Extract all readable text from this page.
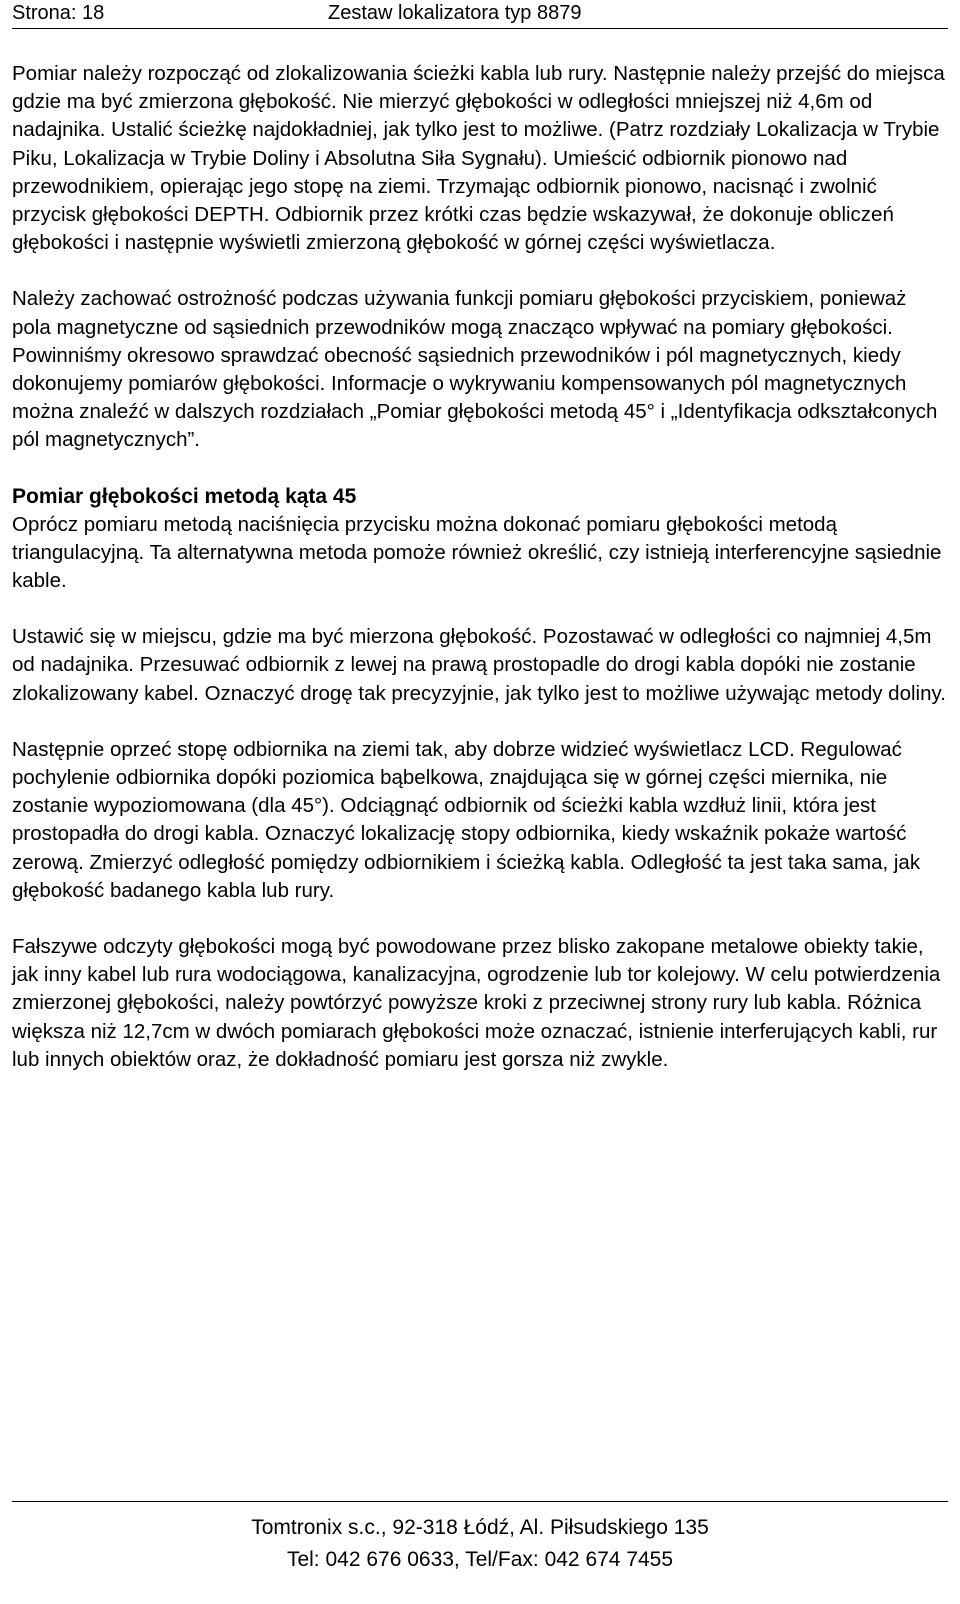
Strona: 18	Zestaw lokalizatora typ 8879

Pomiar należy rozpocząć od zlokalizowania ścieżki kabla lub rury. Następnie należy przejść do miejsca gdzie ma być zmierzona głębokość. Nie mierzyć głębokości w odległości mniejszej niż 4,6m od nadajnika. Ustalić ścieżkę najdokładniej, jak tylko jest to możliwe. (Patrz rozdziały Lokalizacja w Trybie Piku, Lokalizacja w Trybie Doliny i Absolutna Siła Sygnału). Umieścić odbiornik pionowo nad przewodnikiem, opierając jego stopę na ziemi. Trzymając odbiornik pionowo, nacisnąć i zwolnić przycisk głębokości DEPTH. Odbiornik przez krótki czas będzie wskazywał, że dokonuje obliczeń głębokości i następnie wyświetli zmierzoną głębokość w górnej części wyświetlacza.

Należy zachować ostrożność podczas używania funkcji pomiaru głębokości przyciskiem, ponieważ pola magnetyczne od sąsiednich przewodników mogą znacząco wpływać na pomiary głębokości. Powinniśmy okresowo sprawdzać obecność sąsiednich przewodników i pól magnetycznych, kiedy dokonujemy pomiarów głębokości. Informacje o wykrywaniu kompensowanych pól magnetycznych można znaleźć w dalszych rozdziałach „Pomiar głębokości metodą 45° i „Identyfikacja odkształconych pól magnetycznych”.

Pomiar głębokości metodą kąta 45

Oprócz pomiaru metodą naciśnięcia przycisku można dokonać pomiaru głębokości metodą triangulacyjną. Ta alternatywna metoda pomoże również określić, czy istnieją interferencyjne sąsiednie kable.

Ustawić się w miejscu, gdzie ma być mierzona głębokość. Pozostawać w odległości co najmniej 4,5m od nadajnika. Przesuwać odbiornik z lewej na prawą prostopadle do drogi kabla dopóki nie zostanie zlokalizowany kabel. Oznaczyć drogę tak precyzyjnie, jak tylko jest to możliwe używając metody doliny.

Następnie oprzeć stopę odbiornika na ziemi tak, aby dobrze widzieć wyświetlacz LCD. Regulować pochylenie odbiornika dopóki poziomica bąbelkowa, znajdująca się w górnej części miernika, nie zostanie wypoziomowana (dla 45°). Odciągnąć odbiornik od ścieżki kabla wzdłuż linii, która jest prostopadła do drogi kabla. Oznaczyć lokalizację stopy odbiornika, kiedy wskaźnik pokaże wartość zerową. Zmierzyć odległość pomiędzy odbiornikiem i ścieżką kabla. Odległość ta jest taka sama, jak głębokość badanego kabla lub rury.

Fałszywe odczyty głębokości mogą być powodowane przez blisko zakopane metalowe obiekty takie, jak inny kabel lub rura wodociągowa, kanalizacyjna, ogrodzenie lub tor kolejowy. W celu potwierdzenia zmierzonej głębokości, należy powtórzyć powyższe kroki z przeciwnej strony rury lub kabla. Różnica większa niż 12,7cm w dwóch pomiarach głębokości może oznaczać, istnienie interferujących kabli, rur lub innych obiektów oraz, że dokładność pomiaru jest gorsza niż zwykle.

Tomtronix s.c., 92-318 Łódź, Al. Piłsudskiego 135
Tel: 042 676 0633, Tel/Fax: 042 674 7455
